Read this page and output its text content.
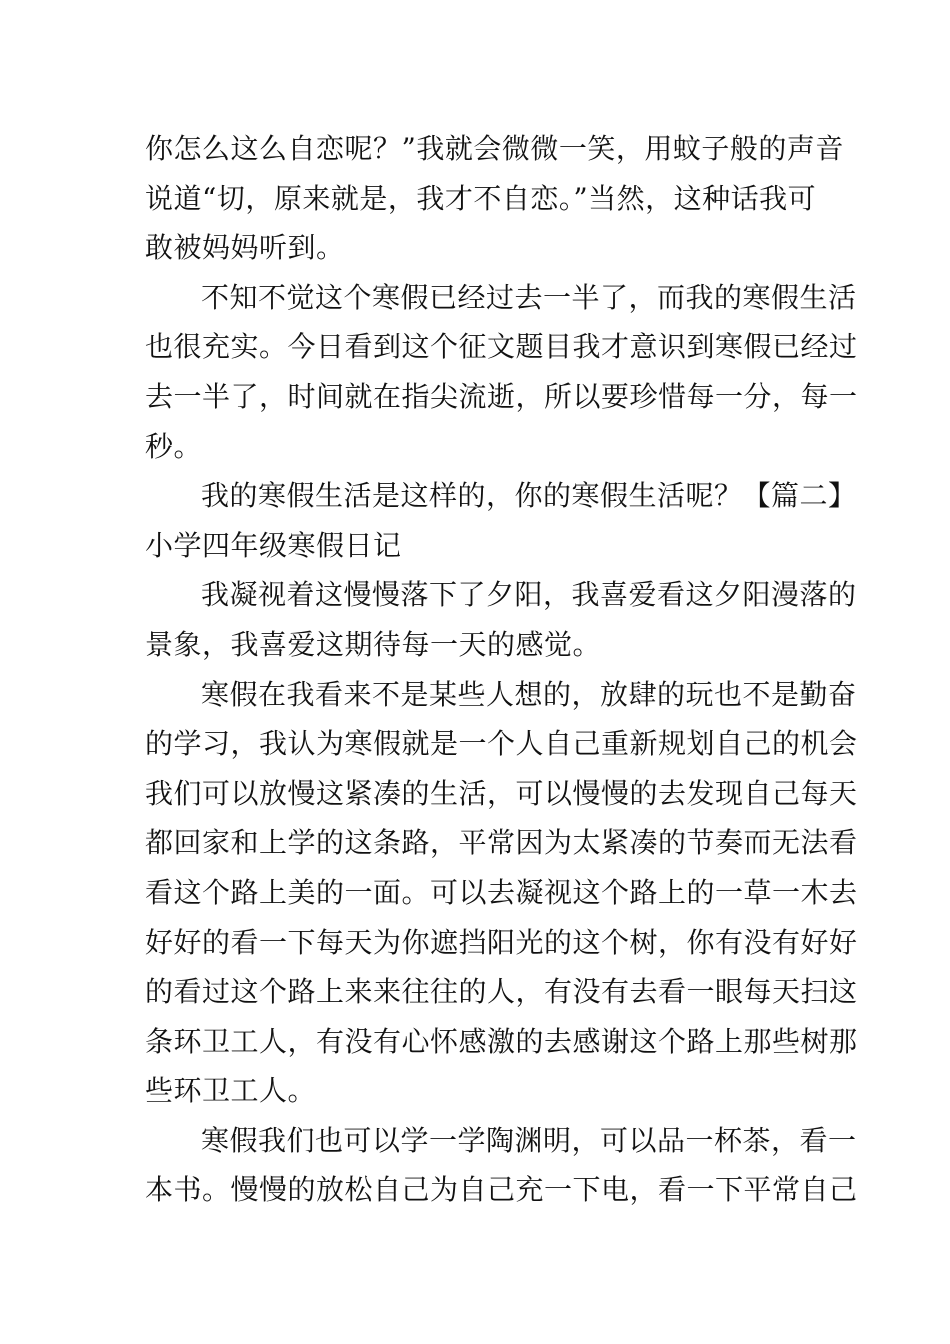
你怎么这么自恋呢？”我就会微微一笑，用蚊子般的声音
说道“切，原来就是，我才不自恋。”当然，这种话我可
敢被妈妈听到。
不知不觉这个寒假已经过去一半了，而我的寒假生活
也很充实。今日看到这个征文题目我才意识到寒假已经过
去一半了，时间就在指尖流逝，所以要珍惜每一分，每一
秒。
我的寒假生活是这样的，你的寒假生活呢？【篇二】
小学四年级寒假日记
我凝视着这慢慢落下了夕阳，我喜爱看这夕阳漫落的
景象，我喜爱这期待每一天的感觉。
寒假在我看来不是某些人想的，放肆的玩也不是勤奋
的学习，我认为寒假就是一个人自己重新规划自己的机会
我们可以放慢这紧凑的生活，可以慢慢的去发现自己每天
都回家和上学的这条路，平常因为太紧凑的节奏而无法看
看这个路上美的一面。可以去凝视这个路上的一草一木去
好好的看一下每天为你遮挡阳光的这个树，你有没有好好
的看过这个路上来来往往的人，有没有去看一眼每天扫这
条环卫工人，有没有心怀感激的去感谢这个路上那些树那
些环卫工人。
寒假我们也可以学一学陶渊明，可以品一杯茶，看一
本书。慢慢的放松自己为自己充一下电，看一下平常自己
